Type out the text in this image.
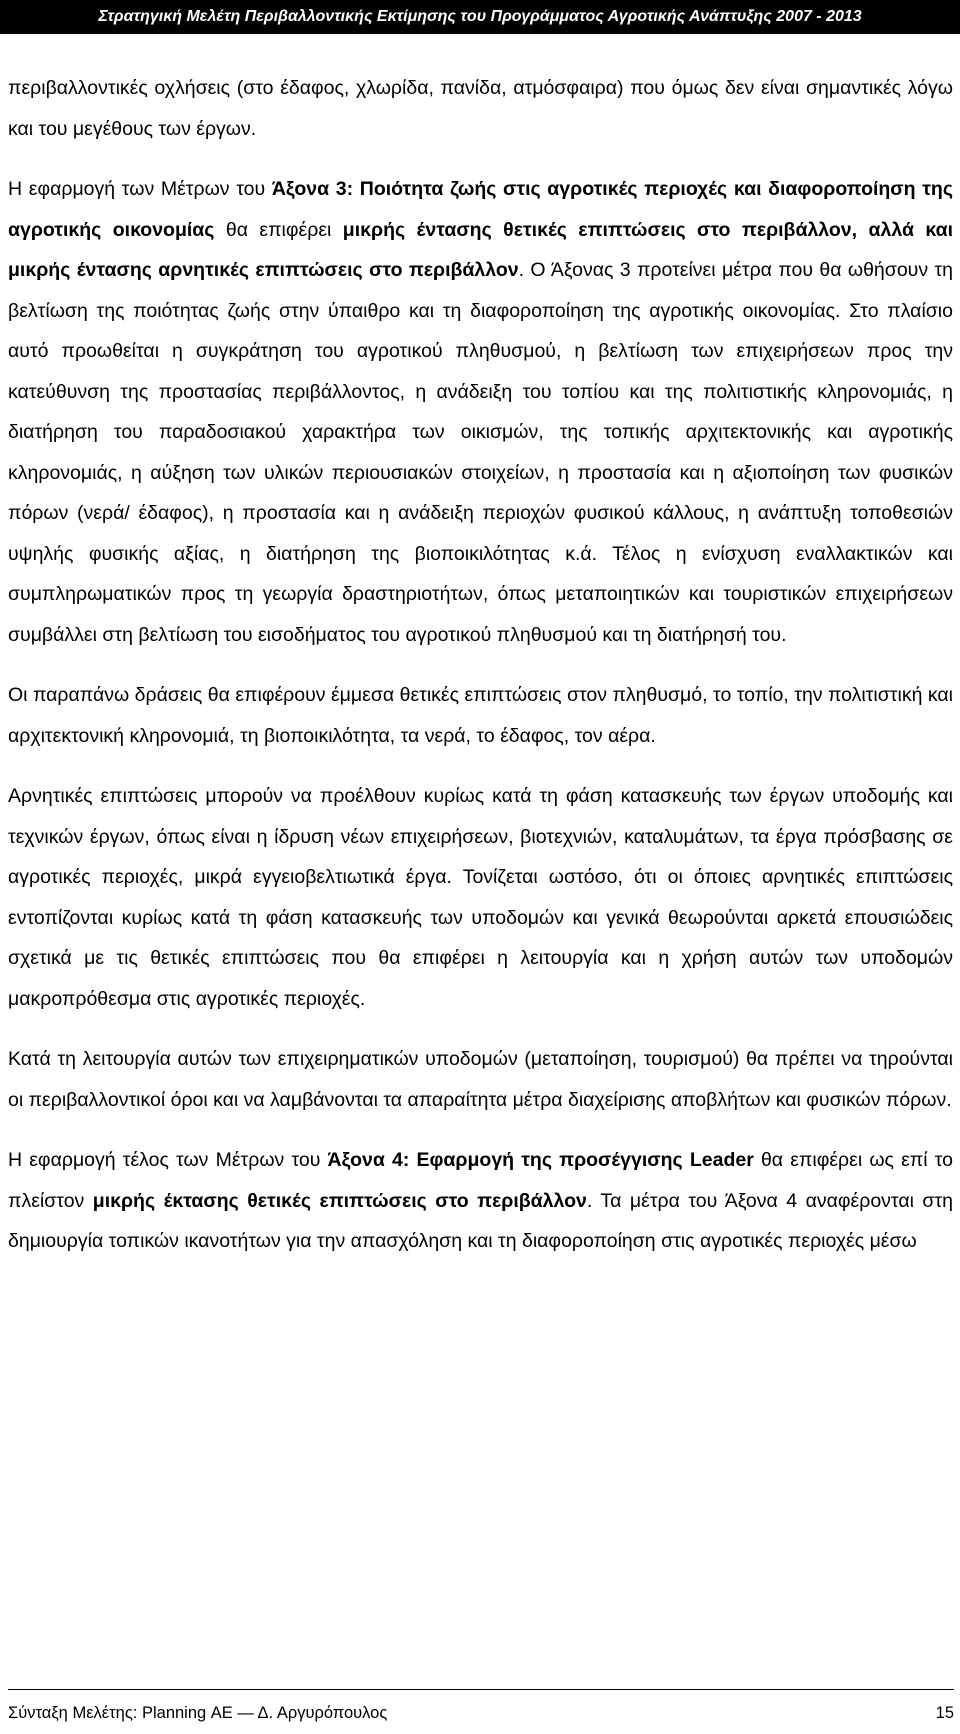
Στρατηγική Μελέτη Περιβαλλοντικής Εκτίμησης του Προγράμματος Αγροτικής Ανάπτυξης 2007 - 2013

περιβαλλοντικές οχλήσεις (στο έδαφος, χλωρίδα, πανίδα, ατμόσφαιρα) που όμως δεν είναι σημαντικές λόγω και του μεγέθους των έργων.

Η εφαρμογή των Μέτρων του Άξονα 3: Ποιότητα ζωής στις αγροτικές περιοχές και διαφοροποίηση της αγροτικής οικονομίας θα επιφέρει μικρής έντασης θετικές επιπτώσεις στο περιβάλλον, αλλά και μικρής έντασης αρνητικές επιπτώσεις στο περιβάλλον. Ο Άξονας 3 προτείνει μέτρα που θα ωθήσουν τη βελτίωση της ποιότητας ζωής στην ύπαιθρο και τη διαφοροποίηση της αγροτικής οικονομίας. Στο πλαίσιο αυτό προωθείται η συγκράτηση του αγροτικού πληθυσμού, η βελτίωση των επιχειρήσεων προς την κατεύθυνση της προστασίας περιβάλλοντος, η ανάδειξη του τοπίου και της πολιτιστικής κληρονομιάς, η διατήρηση του παραδοσιακού χαρακτήρα των οικισμών, της τοπικής αρχιτεκτονικής και αγροτικής κληρονομιάς, η αύξηση των υλικών περιουσιακών στοιχείων, η προστασία και η αξιοποίηση των φυσικών πόρων (νερά/ έδαφος), η προστασία και η ανάδειξη περιοχών φυσικού κάλλους, η ανάπτυξη τοποθεσιών υψηλής φυσικής αξίας, η διατήρηση της βιοποικιλότητας κ.ά. Τέλος η ενίσχυση εναλλακτικών και συμπληρωματικών προς τη γεωργία δραστηριοτήτων, όπως μεταποιητικών και τουριστικών επιχειρήσεων συμβάλλει στη βελτίωση του εισοδήματος του αγροτικού πληθυσμού και τη διατήρησή του.

Οι παραπάνω δράσεις θα επιφέρουν έμμεσα θετικές επιπτώσεις στον πληθυσμό, το τοπίο, την πολιτιστική και αρχιτεκτονική κληρονομιά, τη βιοποικιλότητα, τα νερά, το έδαφος, τον αέρα.

Αρνητικές επιπτώσεις μπορούν να προέλθουν κυρίως κατά τη φάση κατασκευής των έργων υποδομής και τεχνικών έργων, όπως είναι η ίδρυση νέων επιχειρήσεων, βιοτεχνιών, καταλυμάτων, τα έργα πρόσβασης σε αγροτικές περιοχές, μικρά εγγειοβελτιωτικά έργα. Τονίζεται ωστόσο, ότι οι όποιες αρνητικές επιπτώσεις εντοπίζονται κυρίως κατά τη φάση κατασκευής των υποδομών και γενικά θεωρούνται αρκετά επουσιώδεις σχετικά με τις θετικές επιπτώσεις που θα επιφέρει η λειτουργία και η χρήση αυτών των υποδομών μακροπρόθεσμα στις αγροτικές περιοχές.

Κατά τη λειτουργία αυτών των επιχειρηματικών υποδομών (μεταποίηση, τουρισμού) θα πρέπει να τηρούνται οι περιβαλλοντικοί όροι και να λαμβάνονται τα απαραίτητα μέτρα διαχείρισης αποβλήτων και φυσικών πόρων.

Η εφαρμογή τέλος των Μέτρων του Άξονα 4: Εφαρμογή της προσέγγισης Leader θα επιφέρει ως επί το πλείστον μικρής έκτασης θετικές επιπτώσεις στο περιβάλλον. Τα μέτρα του Άξονα 4 αναφέρονται στη δημιουργία τοπικών ικανοτήτων για την απασχόληση και τη διαφοροποίηση στις αγροτικές περιοχές μέσω

Σύνταξη Μελέτης: Planning ΑΕ — Δ. Αργυρόπουλος	15
